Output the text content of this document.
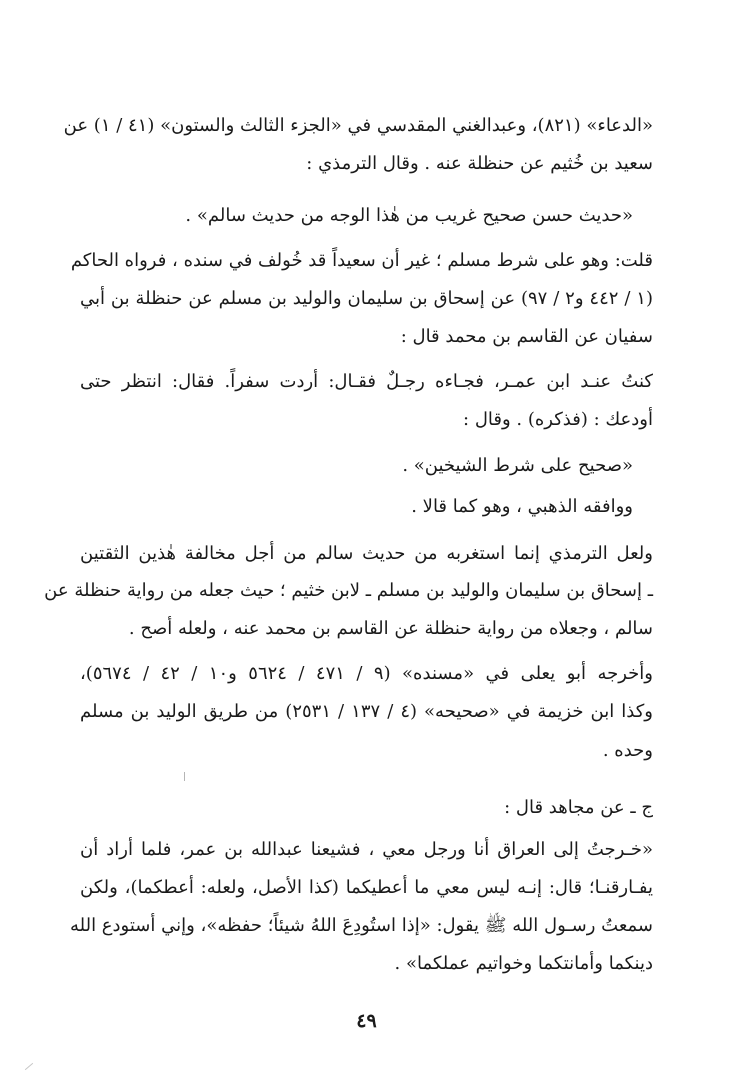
«الدعاء» (٨٢١)، وعبدالغني المقدسي في «الجزء الثالث والستون» (٤١ / ١) عن
سعيد بن خُثيم عن حنظلة عنه . وقال الترمذي :
«حديث حسن صحيح غريب من هٰذا الوجه من حديث سالم» .
قلت: وهو على شرط مسلم ؛ غير أن سعيداً قد خُولف في سنده ، فرواه الحاكم
(١ / ٤٤٢ و٢ / ٩٧) عن إسحاق بن سليمان والوليد بن مسلم عن حنظلة بن أبي
سفيان عن القاسم بن محمد قال :
كنتُ عنـد ابن عمـر، فجـاءه رجـلٌ فقـال: أردت سفراً. فقال: انتظر حتى
أودعك : (فذكره) . وقال :
«صحيح على شرط الشيخين» .
ووافقه الذهبي ، وهو كما قالا .
ولعل الترمذي إنما استغربه من حديث سالم من أجل مخالفة هٰذين الثقتين
ـ إسحاق بن سليمان والوليد بن مسلم ـ لابن خثيم ؛ حيث جعله من رواية حنظلة عن
سالم ، وجعلاه من رواية حنظلة عن القاسم بن محمد عنه ، ولعله أصح .
وأخرجه أبو يعلى في «مسنده» (٩ / ٤٧١ / ٥٦٢٤ و١٠ / ٤٢ / ٥٦٧٤)،
وكذا ابن خزيمة في «صحيحه» (٤ / ١٣٧ / ٢٥٣١) من طريق الوليد بن مسلم
وحده .
ج ـ عن مجاهد قال :
«خـرجتُ إلى العراق أنا ورجل معي ، فشيعنا عبدالله بن عمر، فلما أراد أن
يفـارقنـا؛ قال: إنـه ليس معي ما أعطيكما (كذا الأصل، ولعله: أعطكما)، ولكن
سمعتُ رسـول الله ﷺ يقول: «إذا استُودِعَ اللهُ شيئاً؛ حفظه»، وإني أستودع الله
دينكما وأمانتكما وخواتيم عملكما» .
٤٩
